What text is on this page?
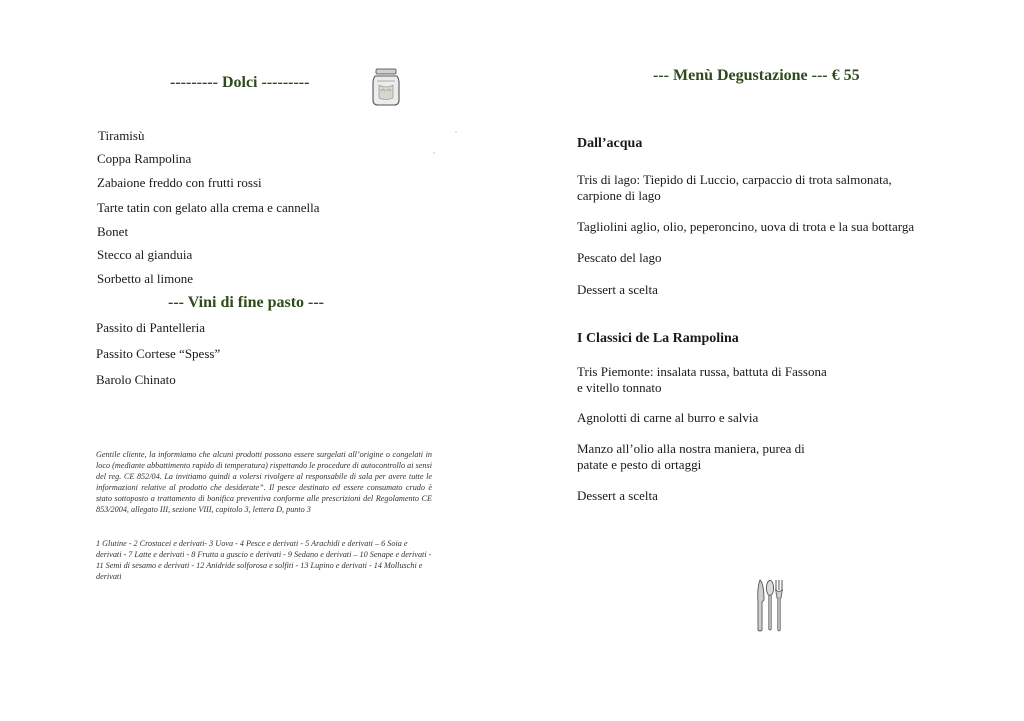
--------- Dolci ---------
Tiramisù
Coppa Rampolina
Zabaione freddo con frutti rossi
Tarte tatin con gelato alla crema e cannella
Bonet
Stecco al gianduia
Sorbetto al limone
--- Vini di fine pasto ---
Passito di Pantelleria
Passito Cortese “Spess”
Barolo Chinato

Gentile cliente, la informiamo che alcuni prodotti possono essere surgelati all’origine o congelati in loco (mediante abbattimento rapido di temperatura) rispettando le procedure di autocontrollo ai sensi del reg. CE 852/04. La invitiamo quindi a volersi rivolgere al responsabile di sala per avere tutte le informazioni relative al prodotto che desiderate”. Il pesce destinato ed essere consumato crudo è stato sottoposto a trattamento di bonifica preventiva conforme alle prescrizioni del Regolamento CE 853/2004, allegato III, sezione VIII, capitolo 3, lettera D, punto 3

1 Glutine - 2 Crostacei e derivati- 3 Uova - 4 Pesce e derivati - 5 Arachidi e derivati – 6 Soia e derivati - 7 Latte e derivati - 8 Frutta a guscio e derivati - 9 Sedano e derivati – 10 Senape e derivati - 11 Semi di sesamo e derivati - 12 Anidride solforosa e solfiti - 13 Lupino e derivati - 14 Molluschi e derivati

--- Menù Degustazione --- € 55
Dall’acqua
Tris di lago: Tiepido di Luccio, carpaccio di trota salmonata,
carpione di lago
Tagliolini aglio, olio, peperoncino, uova di trota e la sua bottarga
Pescato del lago
Dessert a scelta
I Classici de La Rampolina
Tris Piemonte: insalata russa, battuta di Fassona
e vitello tonnato
Agnolotti di carne al burro e salvia
Manzo all’olio alla nostra maniera, purea di
patate e pesto di ortaggi
Dessert a scelta
